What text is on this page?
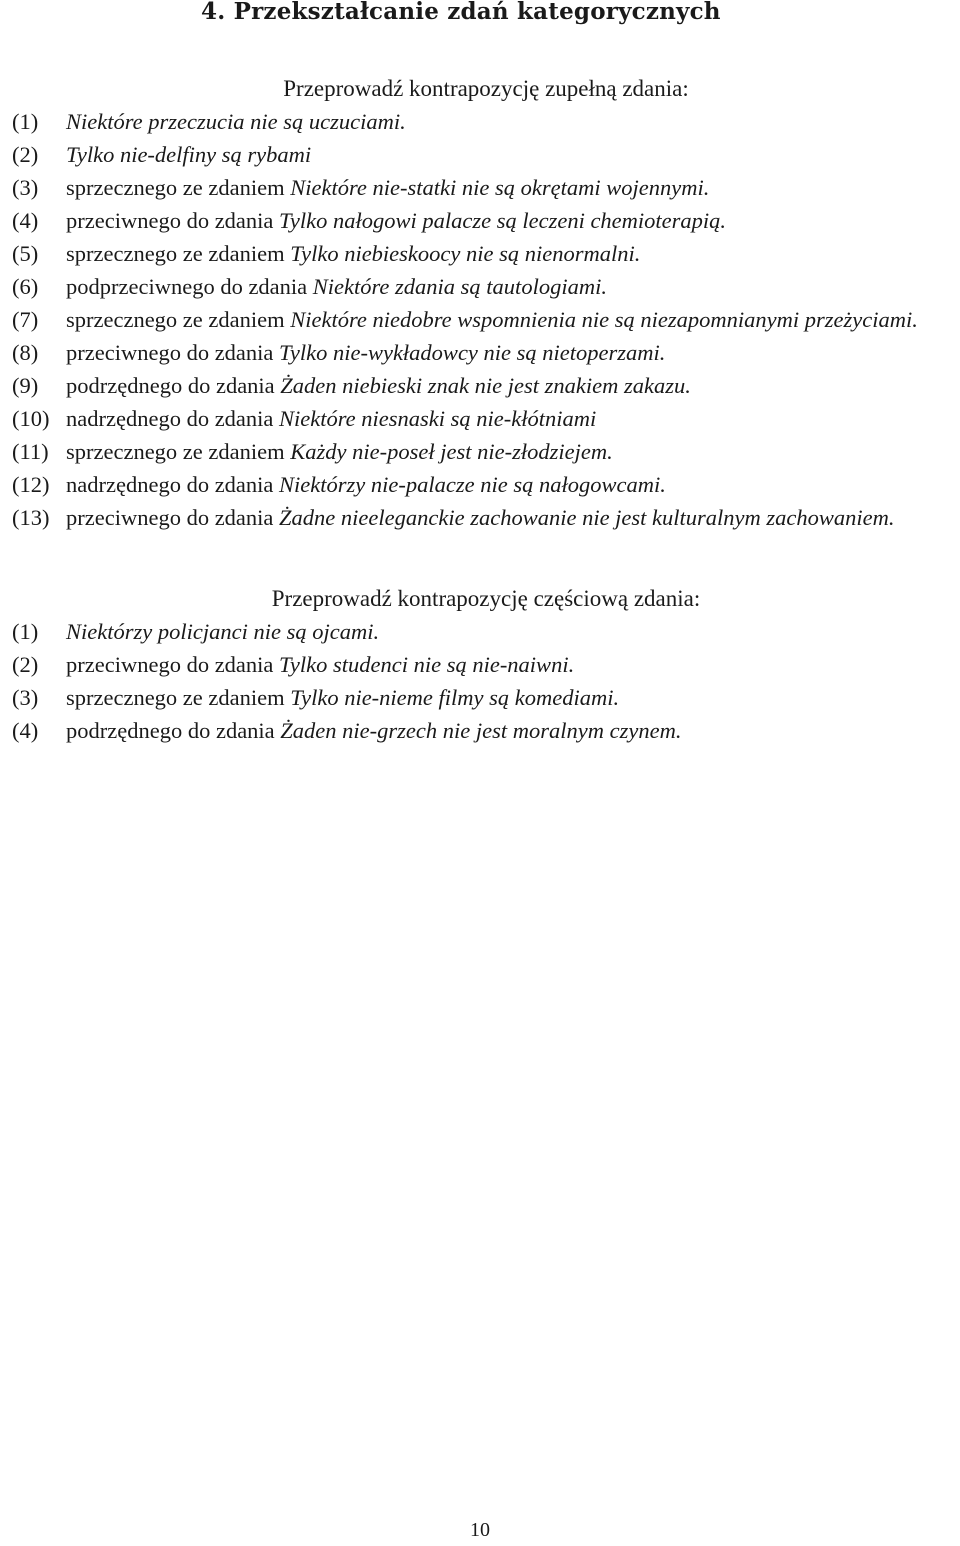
4. Przekształcanie zdań kategorycznych

Przeprowadź kontrapozycję zupełną zdania:

(1)	Niektóre przeczucia nie są uczuciami.
(2)	Tylko nie-delfiny są rybami
(3)	sprzecznego ze zdaniem Niektóre nie-statki nie są okrętami wojennymi.
(4)	przeciwnego do zdania Tylko nałogowi palacze są leczeni chemioterapią.
(5)	sprzecznego ze zdaniem Tylko niebieskoocy nie są nienormalni.
(6)	podprzeciwnego do zdania Niektóre zdania są tautologiami.
(7)	sprzecznego ze zdaniem Niektóre niedobre wspomnienia nie są niezapomnianymi przeżyciami.
(8)	przeciwnego do zdania Tylko nie-wykładowcy nie są nietoperzami.
(9)	podrzędnego do zdania Żaden niebieski znak nie jest znakiem zakazu.
(10) nadrzędnego do zdania Niektóre niesnaski są nie-kłótniami
(11) sprzecznego ze zdaniem Każdy nie-poseł jest nie-złodziejem.
(12) nadrzędnego do zdania Niektórzy nie-palacze nie są nałogowcami.
(13) przeciwnego do zdania Żadne nieeleganckie zachowanie nie jest kulturalnym zachowaniem.

Przeprowadź kontrapozycję częściową zdania:

(1)	Niektórzy policjanci nie są ojcami.
(2)	przeciwnego do zdania Tylko studenci nie są nie-naiwni.
(3)	sprzecznego ze zdaniem Tylko nie-nieme filmy są komediami.
(4)	podrzędnego do zdania Żaden nie-grzech nie jest moralnym czynem.
10
